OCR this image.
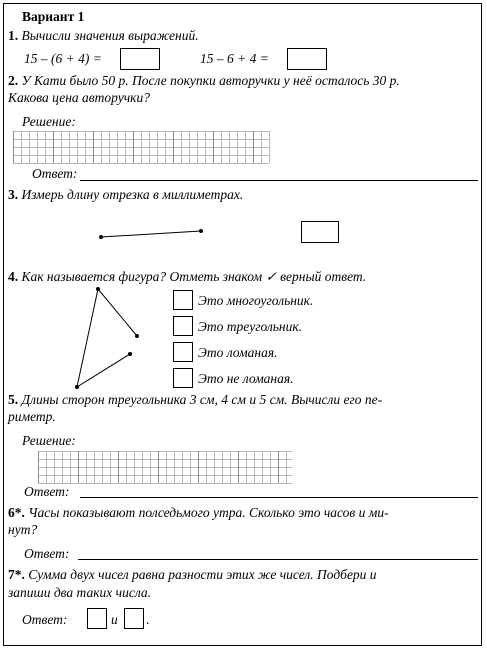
Вариант 1
1. Вычисли значения выражений.
15 – (6 + 4) =	15 – 6 + 4 =
2. У Кати было 50 р. После покупки авторучки у неё осталось 30 р.
Какова цена авторучки?
Решение:
Ответ:
3. Измерь длину отрезка в миллиметрах.
4. Как называется фигура? Отметь знаком ✓ верный ответ.
Это многоугольник.
Это треугольник.
Это ломаная.
Это не ломаная.
5. Длины сторон треугольника 3 см, 4 см и 5 см. Вычисли его пе-
риметр.
Решение:
Ответ:
6*. Часы показывают полседьмого утра. Сколько это часов и ми-
нут?
Ответ:
7*. Сумма двух чисел равна разности этих же чисел. Подбери и
запиши два таких числа.
Ответ:	и .
